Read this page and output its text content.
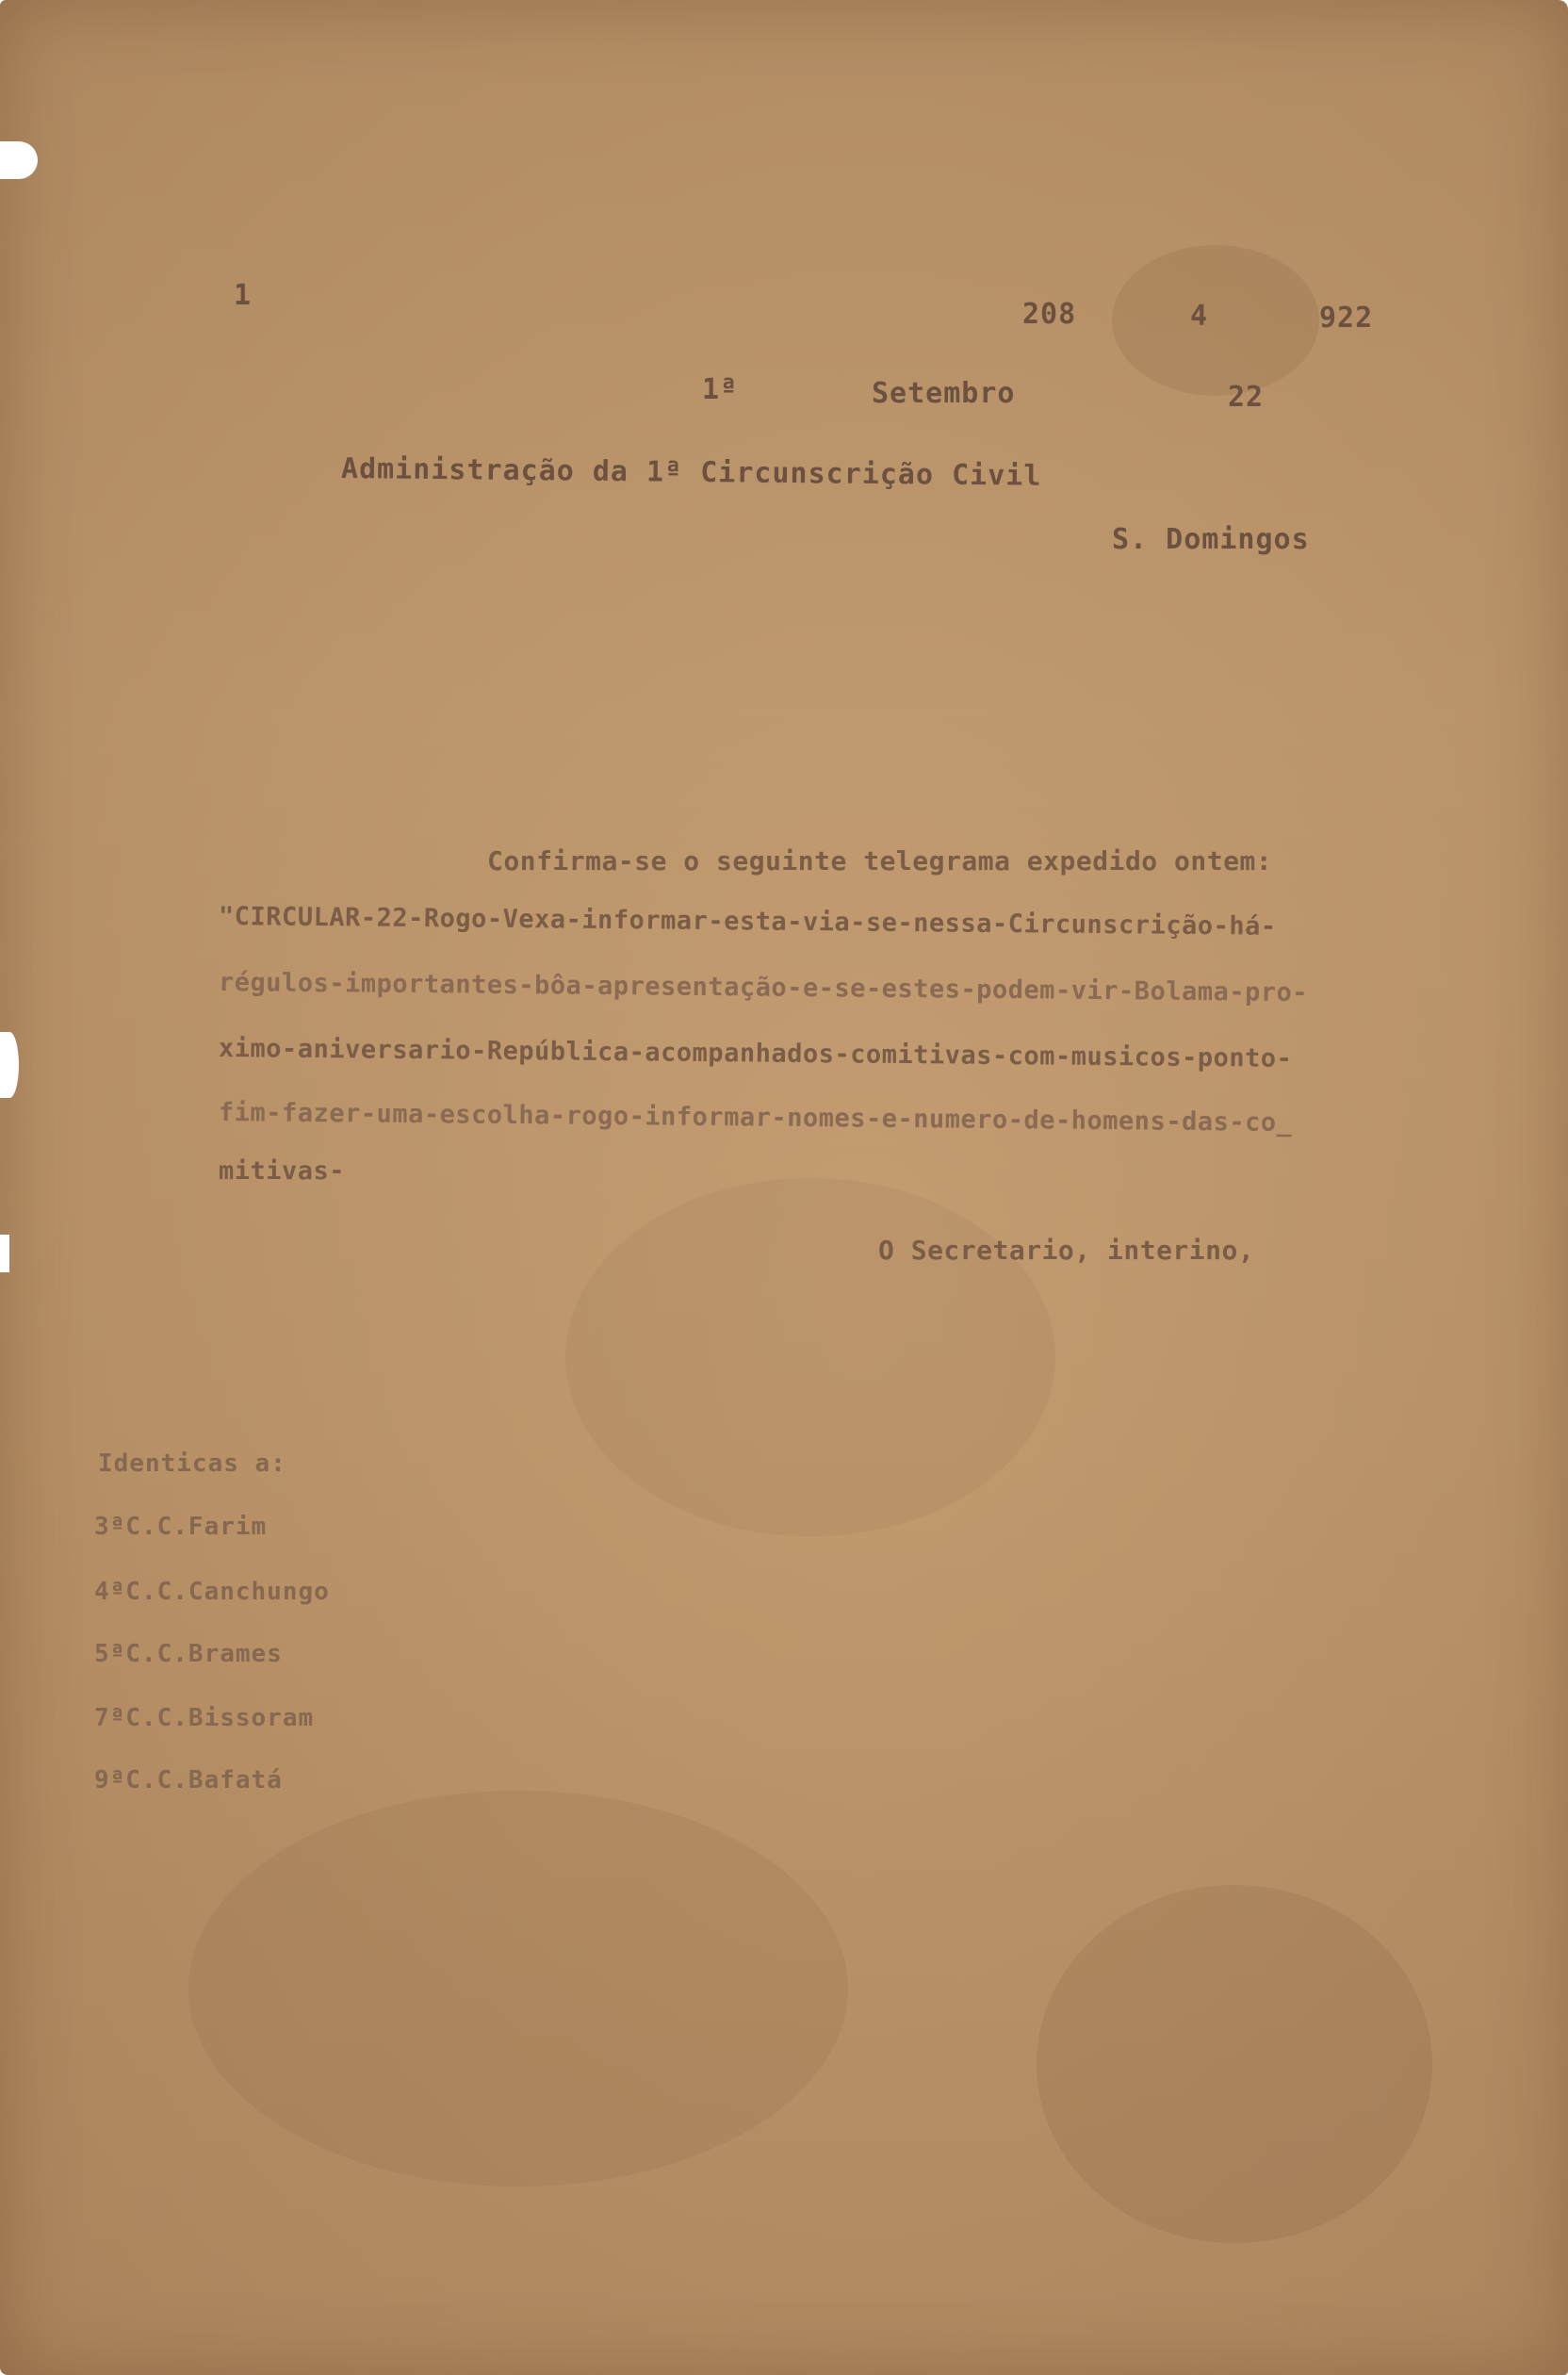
1
208	4	922
1ª	Setembro	22
Administração da 1ª Circunscrição Civil
S. Domingos
Confirma-se o seguinte telegrama expedido ontem:
"CIRCULAR-22-Rogo-Vexa-informar-esta-via-se-nessa-Circunscrição-há-
régulos-importantes-bôa-apresentação-e-se-estes-podem-vir-Bolama-pro-
ximo-aniversario-República-acompanhados-comitivas-com-musicos-ponto-
fim-fazer-uma-escolha-rogo-informar-nomes-e-numero-de-homens-das-co_
mitivas-
O Secretario, interino,
Identicas a:
3ªC.C.Farim
4ªC.C.Canchungo
5ªC.C.Brames
7ªC.C.Bissoram
9ªC.C.Bafatá
